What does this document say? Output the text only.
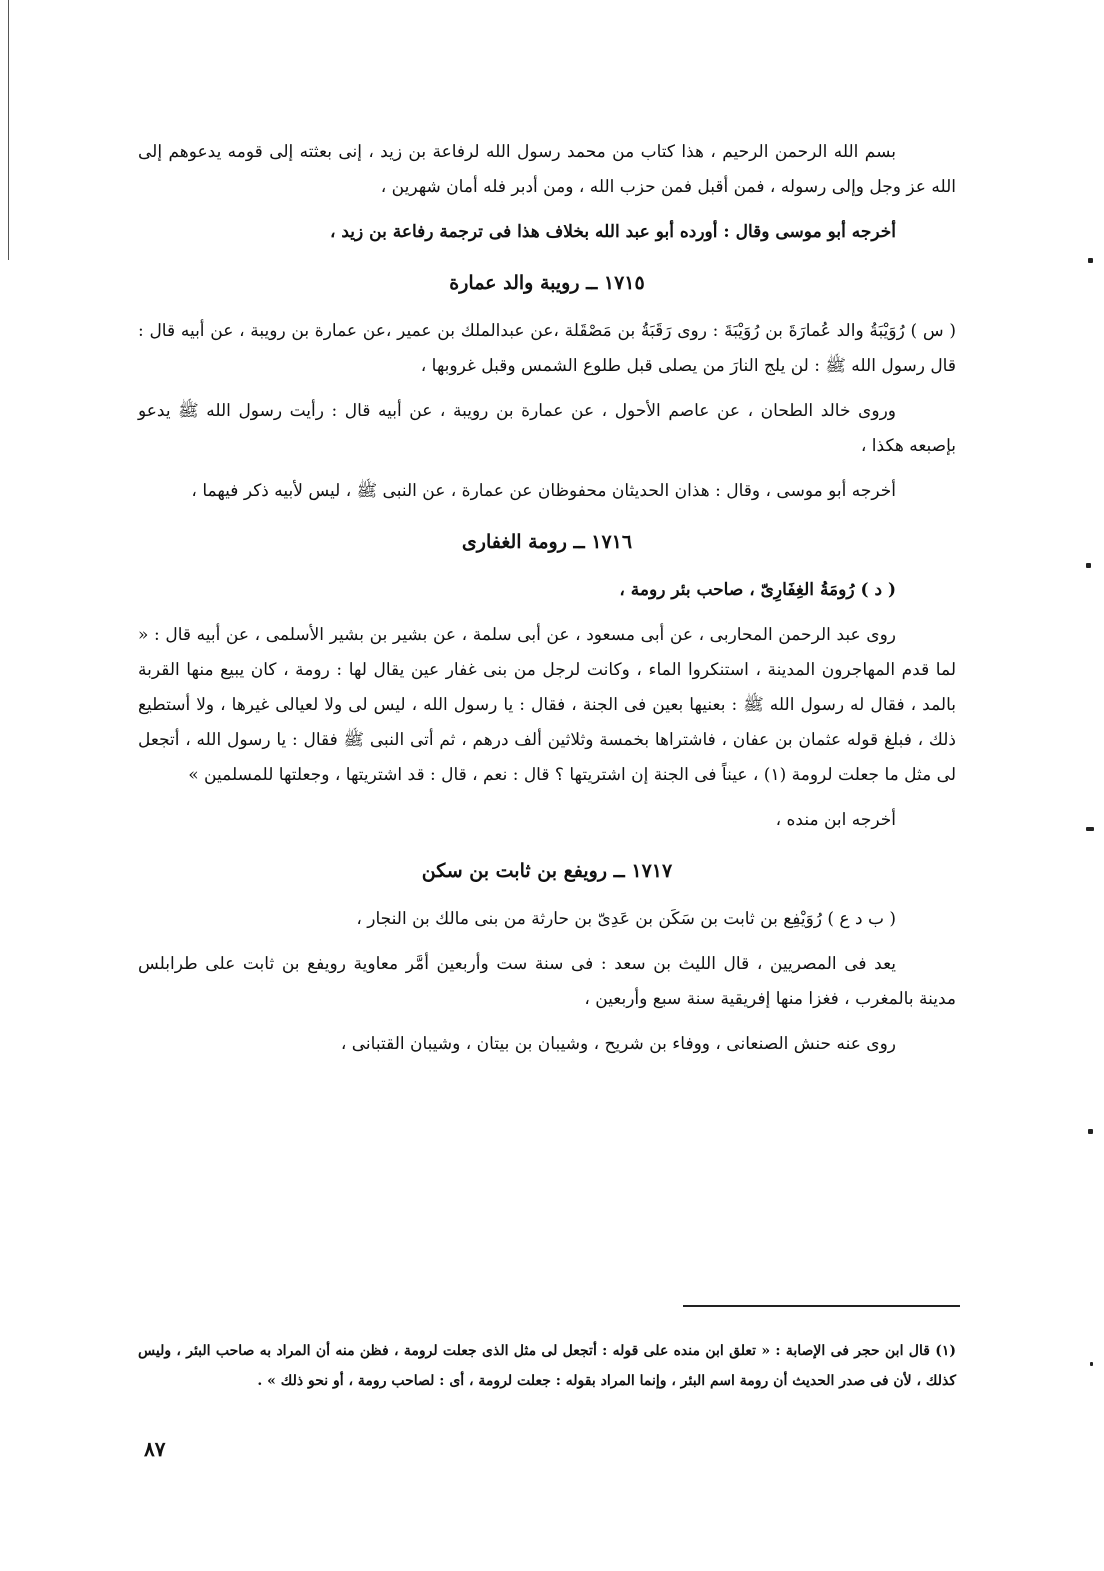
بسم الله الرحمن الرحيم ، هذا كتاب من محمد رسول الله لرفاعة بن زيد ، إنى بعثته إلى قومه يدعوهم إلى الله عز وجل وإلى رسوله ، فمن أقبل فمن حزب الله ، ومن أدبر فله أمان شهرين ،

أخرجه أبو موسى وقال : أورده أبو عبد الله بخلاف هذا فى ترجمة رفاعة بن زيد ،

١٧١٥ ــ رويبة والد عمارة

( س ) رُوَيْبَةُ والد عُمارَةَ بن رُوَيْبَةَ : روى رَقَبَةُ بن مَصْقَلة ،عن عبدالملك بن عمير ،عن عمارة بن رويبة ، عن أبيه قال : قال رسول الله ﷺ : لن يلج النارَ من يصلى قبل طلوع الشمس وقبل غروبها ،

وروى خالد الطحان ، عن عاصم الأحول ، عن عمارة بن رويبة ، عن أبيه قال : رأيت رسول الله ﷺ يدعو بإصبعه هكذا ،

أخرجه أبو موسى ، وقال : هذان الحديثان محفوظان عن عمارة ، عن النبى ﷺ ، ليس لأبيه ذكر فيهما ،

١٧١٦ ــ رومة الغفارى

( د ) رُومَةُ الغِفَارِىّ ، صاحب بئر رومة ،

روى عبد الرحمن المحاربى ، عن أبى مسعود ، عن أبى سلمة ، عن بشير بن بشير الأسلمى ، عن أبيه قال : « لما قدم المهاجرون المدينة ، استنكروا الماء ، وكانت لرجل من بنى غفار عين يقال لها : رومة ، كان يبيع منها القربة بالمد ، فقال له رسول الله ﷺ : بعنيها بعين فى الجنة ، فقال : يا رسول الله ، ليس لى ولا لعيالى غيرها ، ولا أستطيع ذلك ، فبلغ قوله عثمان بن عفان ، فاشتراها بخمسة وثلاثين ألف درهم ، ثم أتى النبى ﷺ فقال : يا رسول الله ، أتجعل لى مثل ما جعلت لرومة (١) ، عيناً فى الجنة إن اشتريتها ؟ قال : نعم ، قال : قد اشتريتها ، وجعلتها للمسلمين »

أخرجه ابن منده ،

١٧١٧ ــ رويفع بن ثابت بن سكن

( ب د ع ) رُوَيْفِع بن ثابت بن سَكَن بن عَدِىّ بن حارثة من بنى مالك بن النجار ،

يعد فى المصريين ، قال الليث بن سعد : فى سنة ست وأربعين أمَّر معاوية رويفع بن ثابت على طرابلس مدينة بالمغرب ، فغزا منها إفريقية سنة سبع وأربعين ،

روى عنه حنش الصنعانى ، ووفاء بن شريح ، وشيبان بن بيتان ، وشيبان القتبانى ،

(١) قال ابن حجر فى الإصابة : « تعلق ابن منده على قوله : أتجعل لى مثل الذى جعلت لرومة ، فظن منه أن المراد به صاحب البئر ، وليس كذلك ، لأن فى صدر الحديث أن رومة اسم البئر ، وإنما المراد بقوله : جعلت لرومة ، أى : لصاحب رومة ، أو نحو ذلك » .

٨٧
